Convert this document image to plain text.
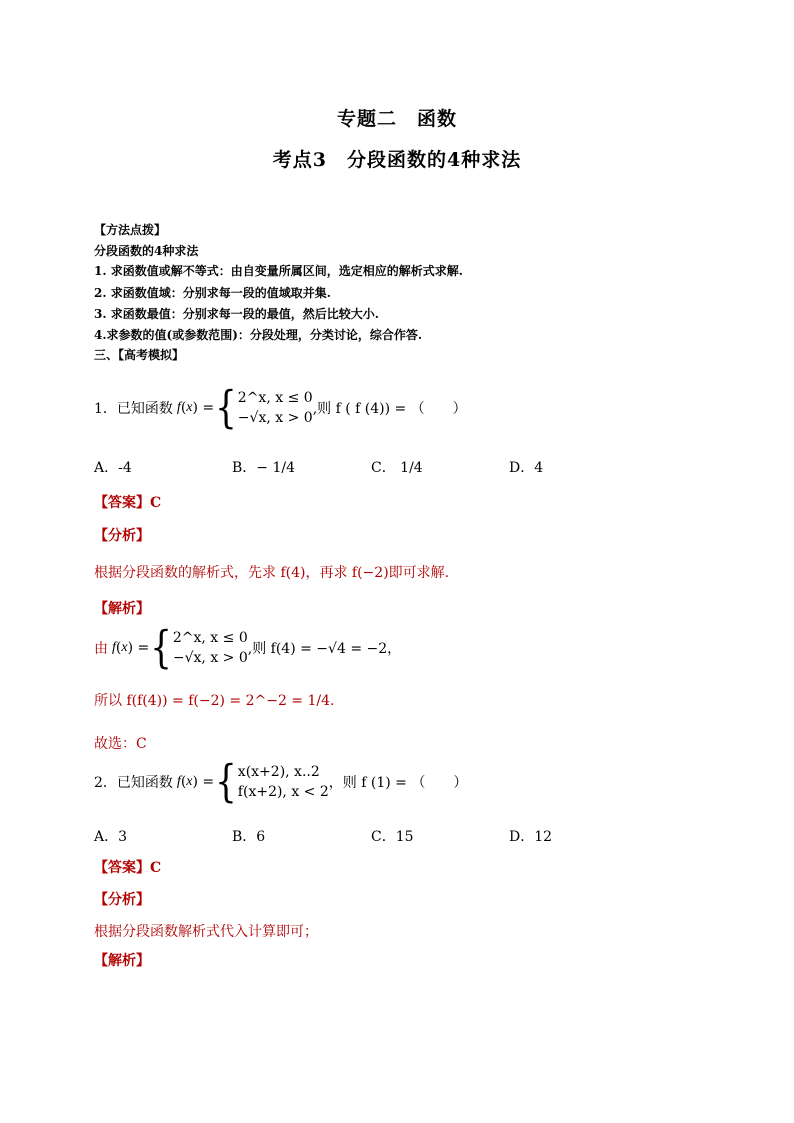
专题二　函数
考点3　分段函数的4种求法
【方法点拨】
分段函数的4种求法
1. 求函数值或解不等式：由自变量所属区间，选定相应的解析式求解.
2. 求函数值域：分别求每一段的值域取并集.
3. 求函数最值：分别求每一段的最值，然后比较大小.
4.求参数的值(或参数范围)：分段处理，分类讨论，综合作答.
三、【高考模拟】
1．已知函数 f ( x ) = { 2^x, x ≤ 0
−√x, x > 0
,则 f ( f (4)) = （　　）
A．-4	B．− 1/4	C． 1/4	D．4
【答案】C
【分析】
根据分段函数的解析式，先求 f(4)，再求 f(−2)即可求解.
【解析】
由 f ( x ) = { 2^x, x ≤ 0
−√x, x > 0
,则 f(4) = −√4 = −2，
所以 f(f(4)) = f(−2) = 2^−2 = 1/4.
故选：C
2．已知函数 f ( x ) = { x(x+2), x..2
f(x+2), x < 2
，则 f (1) = （　　）
A．3	B．6	C．15	D．12
【答案】C
【分析】
根据分段函数解析式代入计算即可；
【解析】
